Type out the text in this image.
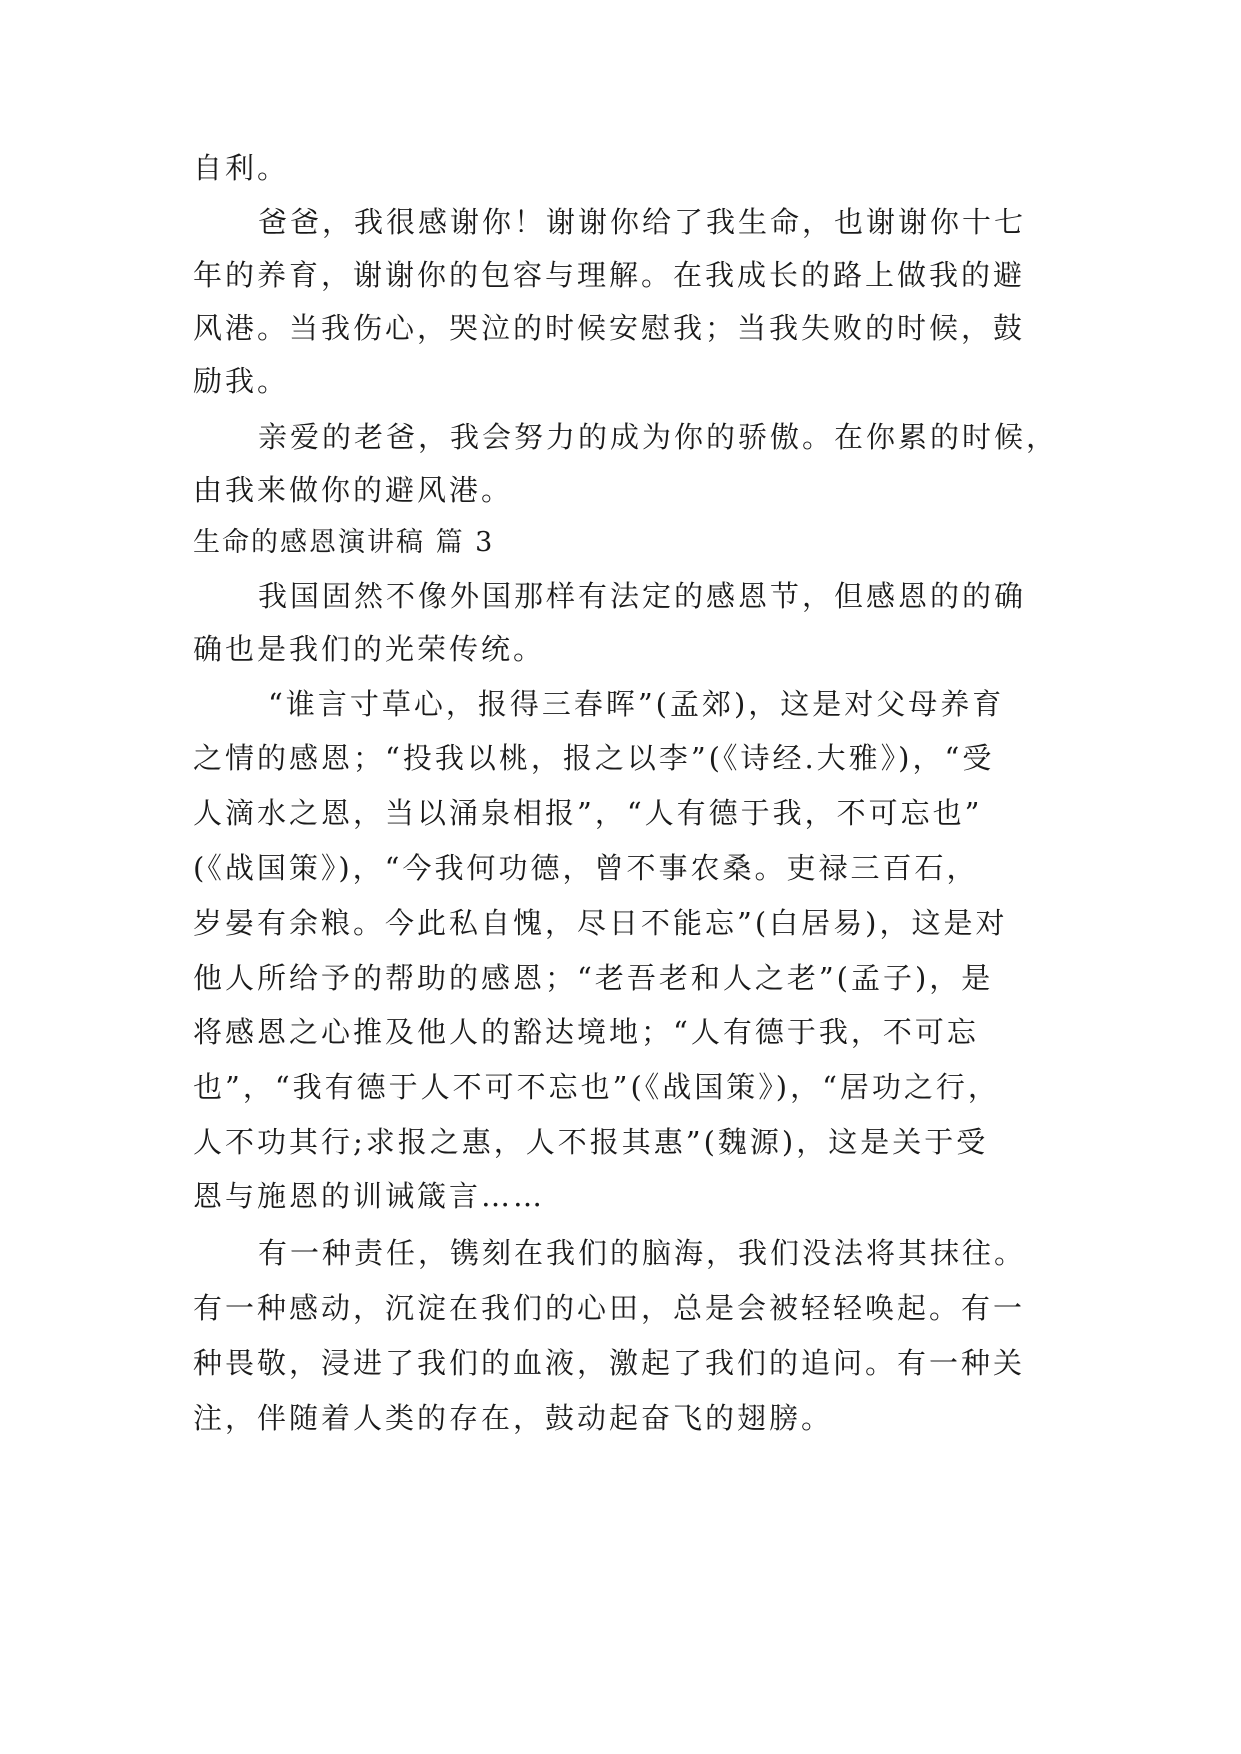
自利。
爸爸，我很感谢你！谢谢你给了我生命，也谢谢你十七
年的养育，谢谢你的包容与理解。在我成长的路上做我的避
风港。当我伤心，哭泣的时候安慰我；当我失败的时候，鼓
励我。
亲爱的老爸，我会努力的成为你的骄傲。在你累的时候，
由我来做你的避风港。
生命的感恩演讲稿 篇 3
我国固然不像外国那样有法定的感恩节，但感恩的的确
确也是我们的光荣传统。
“谁言寸草心，报得三春晖”(孟郊)，这是对父母养育
之情的感恩；“投我以桃，报之以李”(《诗经.大雅》)，“受
人滴水之恩，当以涌泉相报”，“人有德于我，不可忘也”
(《战国策》)，“今我何功德，曾不事农桑。吏禄三百石，
岁晏有余粮。今此私自愧，尽日不能忘”(白居易)，这是对
他人所给予的帮助的感恩；“老吾老和人之老”(孟子)，是
将感恩之心推及他人的豁达境地；“人有德于我，不可忘
也”，“我有德于人不可不忘也”(《战国策》)，“居功之行，
人不功其行;求报之惠，人不报其惠”(魏源)，这是关于受
恩与施恩的训诫箴言……
有一种责任，镌刻在我们的脑海，我们没法将其抹往。
有一种感动，沉淀在我们的心田，总是会被轻轻唤起。有一
种畏敬，浸进了我们的血液，激起了我们的追问。有一种关
注，伴随着人类的存在，鼓动起奋飞的翅膀。
